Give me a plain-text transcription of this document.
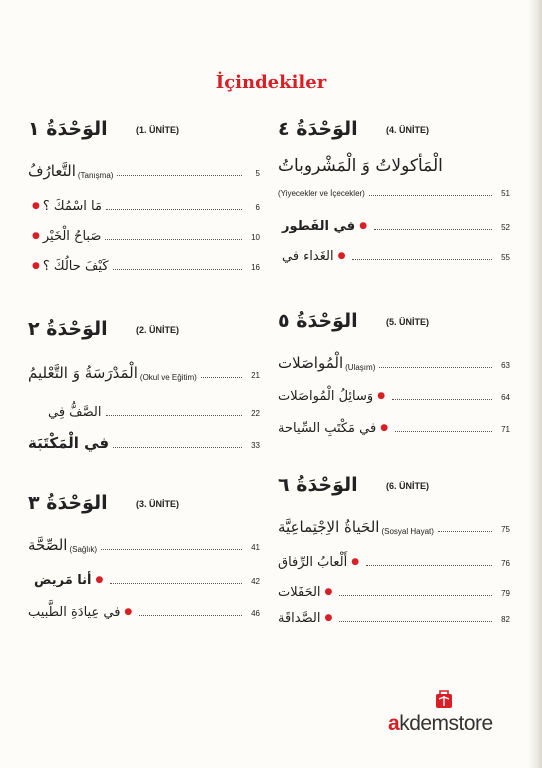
İçindekiler
الوَحْدَةُ ١	(1. ÜNİTE)
التَّعارُفُ (Tanışma)	5
● مَا اسْمُكَ ؟	6
● صَباحُ الْخَيْر	10
● كَيْفَ حالُكَ ؟	16
الوَحْدَةُ ٢	(2. ÜNİTE)
الْمَدْرَسَةُ وَ التَّعْليمُ (Okul ve Eğitim)	21
الصَّفُّ فِي	22
في الْمَكْتَبَة	33
الوَحْدَةُ ٣	(3. ÜNİTE)
الصِّحَّة (Sağlık)	41
أنا مَريض ●	42
في عِيادَةِ الطَّبيب ●	46
الوَحْدَةُ ٤	(4. ÜNİTE)
الْمَأكولاتُ وَ الْمَشْروباتُ
(Yiyecekler ve İçecekler)	51
في الفَطور ●	52
الغَداء في ●	55
الوَحْدَةُ ٥	(5. ÜNİTE)
الْمُواصَلات (Ulaşım)	63
وَسائِلُ الْمُواصَلات ●	64
في مَكْتَبِ السِّياحة ●	71
الوَحْدَةُ ٦	(6. ÜNİTE)
الحَياةُ الاِجْتِماعِيَّة (Sosyal Hayat)	75
أَلْعابُ الرِّفاق ●	76
الحَفَلات ●	79
الصَّداقَة ●	82
akdemstore
